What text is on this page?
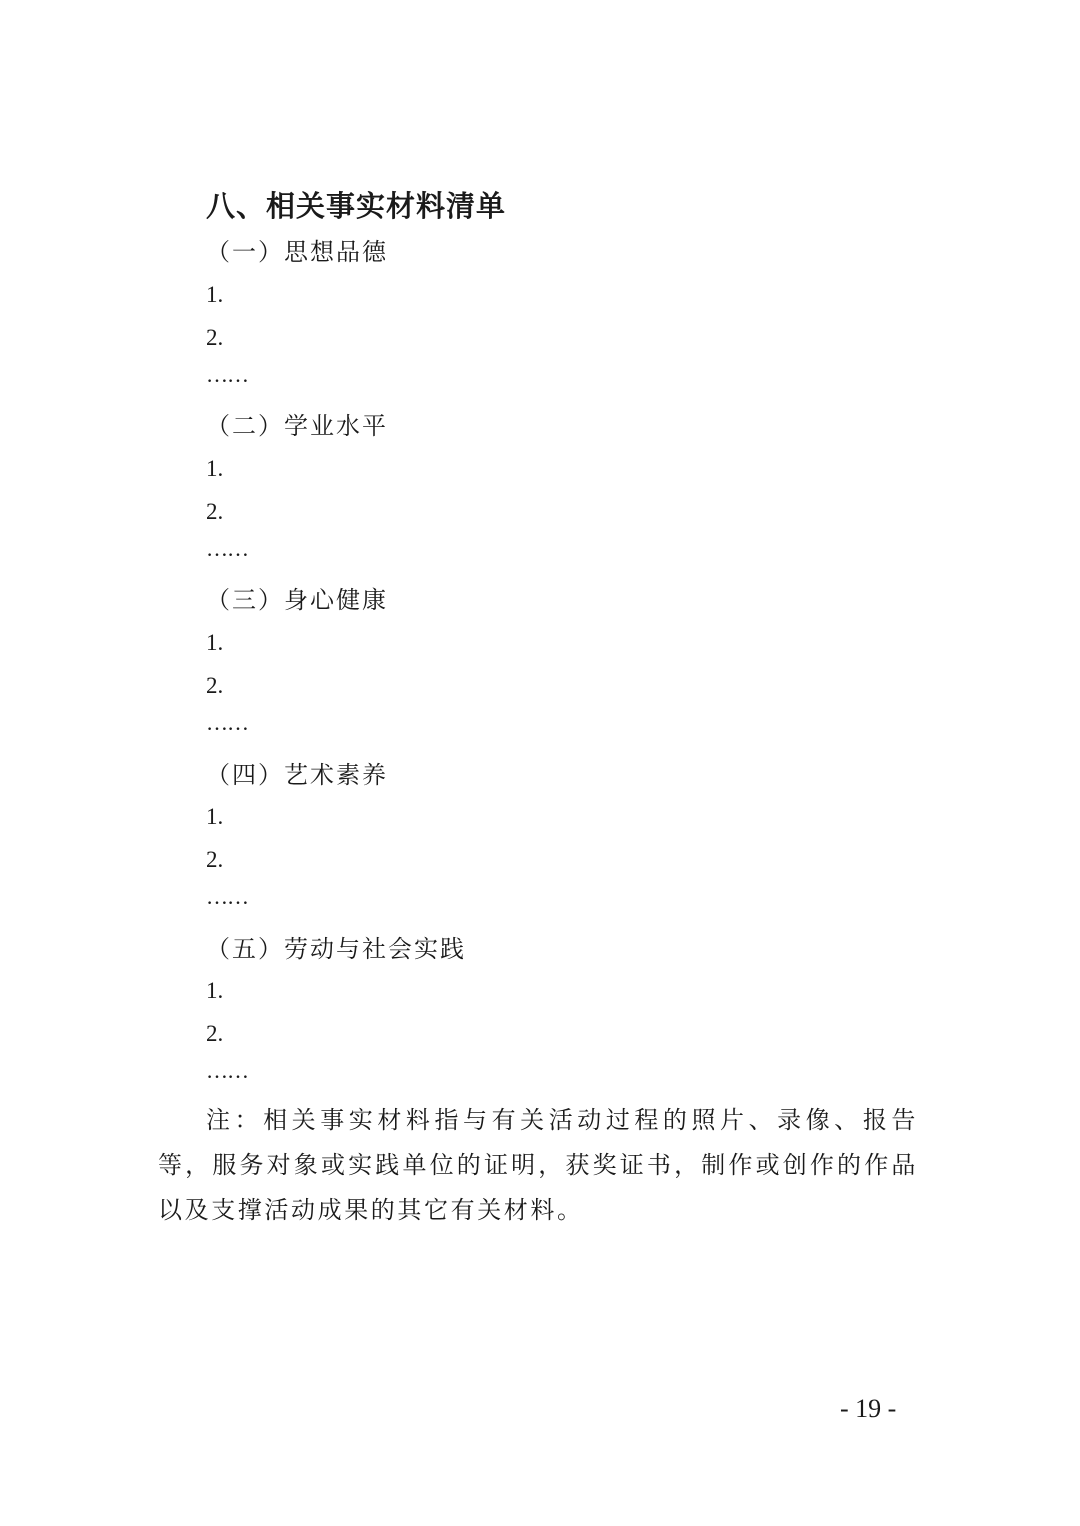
八、相关事实材料清单
（一）思想品德
1.
2.
……
（二）学业水平
1.
2.
……
（三）身心健康
1.
2.
……
（四）艺术素养
1.
2.
……
（五）劳动与社会实践
1.
2.
……
注：相关事实材料指与有关活动过程的照片、录像、报告等，服务对象或实践单位的证明，获奖证书，制作或创作的作品以及支撑活动成果的其它有关材料。
- 19 -
